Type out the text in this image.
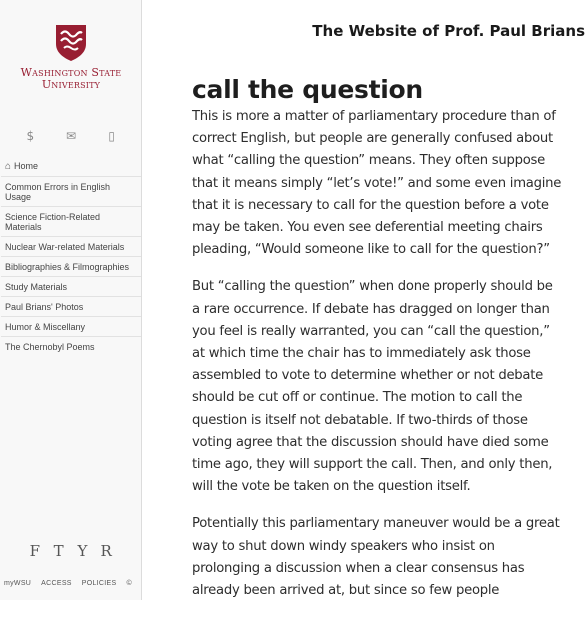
Washington State
University
$	✉	▯
⌂ Home
Common Errors in English Usage
Science Fiction-Related Materials
Nuclear War-related Materials
Bibliographies & Filmographies
Study Materials
Paul Brians' Photos
Humor & Miscellany
The Chernobyl Poems
F T Y R
myWSU ACCESS POLICIES ©
The Website of Prof. Paul Brians
call the question

This is more a matter of parliamentary procedure than of correct English, but people are generally confused about what “calling the question” means. They often suppose that it means simply “let’s vote!” and some even imagine that it is necessary to call for the question before a vote may be taken. You even see deferential meeting chairs pleading, “Would someone like to call for the question?”

But “calling the question” when done properly should be a rare occurrence. If debate has dragged on longer than you feel is really warranted, you can “call the question,” at which time the chair has to immediately ask those assembled to vote to determine whether or not debate should be cut off or continue. The motion to call the question is itself not debatable. If two-thirds of those voting agree that the discussion should have died some time ago, they will support the call. Then, and only then, will the vote be taken on the question itself.

Potentially this parliamentary maneuver would be a great way to shut down windy speakers who insist on prolonging a discussion when a clear consensus has already been arrived at, but since so few people
